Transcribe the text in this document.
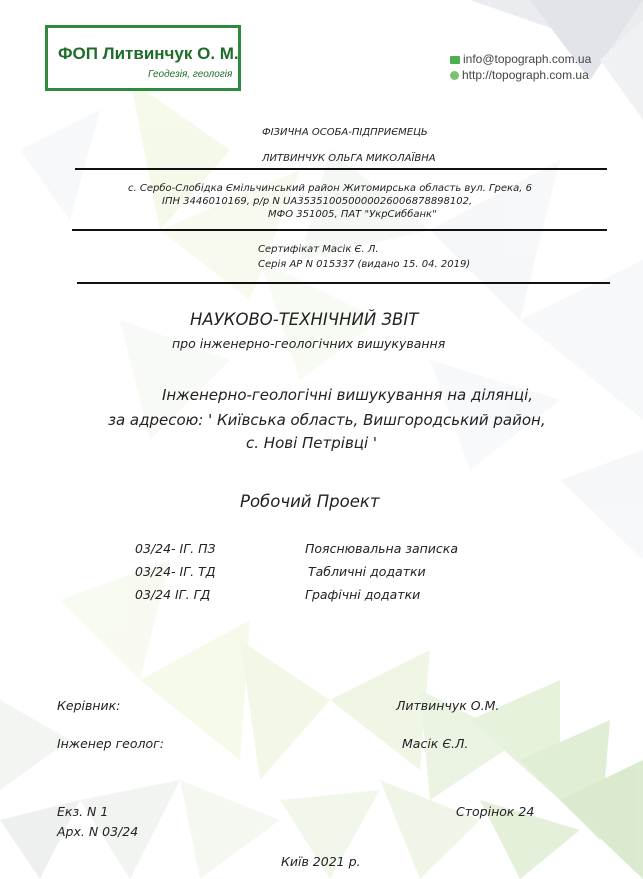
ФОП Литвинчук О. М.
Геодезія, геологія
info@topograph.com.ua
http://topograph.com.ua
ФІЗИЧНА ОСОБА-ПІДПРИЄМЕЦЬ
ЛИТВИНЧУК ОЛЬГА МИКОЛАЇВНА
с. Сербо-Слобідка Ємільчинський район Житомирська область вул. Грека, 6
ІПН 3446010169, р/р N UA353510050000026006878898102,
МФО 351005, ПАТ "УкрСиббанк"
Сертифікат Масік Є. Л.
Серія АР N 015337 (видано 15. 04. 2019)
НАУКОВО-ТЕХНІЧНИЙ ЗВІТ
про інженерно-геологічних вишукування
Інженерно-геологічні вишукування на ділянці,
за адресою: ' Київська область, Вишгородський район,
с. Нові Петрівці '
Робочий Проект
03/24- ІГ. ПЗ	Пояснювальна записка
03/24- ІГ. ТД	Табличні додатки
03/24 ІГ. ГД	Графічні додатки
Керівник:	Литвинчук О.М.
Інженер геолог:	Масік Є.Л.
Екз. N 1
Арх. N 03/24
Сторінок 24
Київ 2021 р.
